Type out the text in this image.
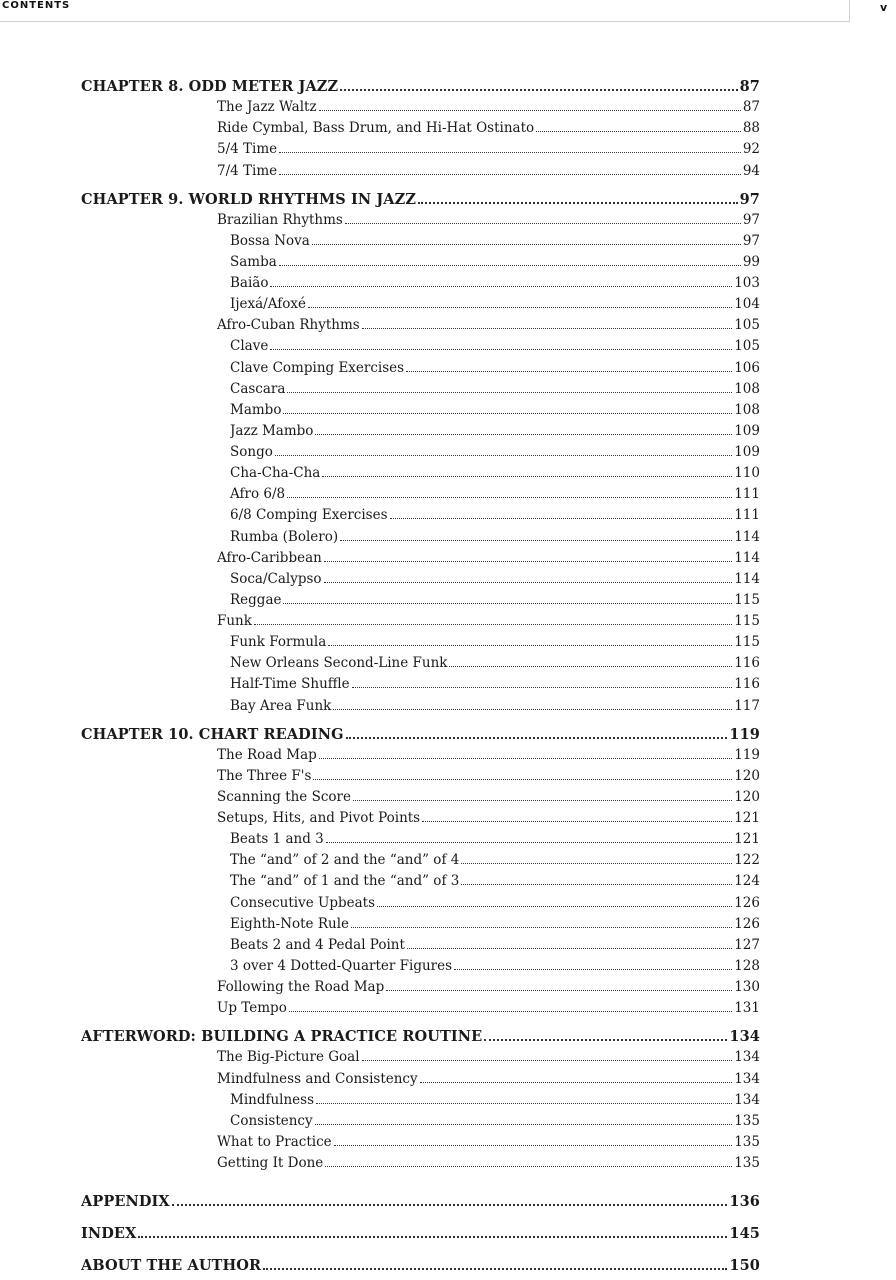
CONTENTS	v
CHAPTER 8. ODD METER JAZZ	87
The Jazz Waltz	87
Ride Cymbal, Bass Drum, and Hi-Hat Ostinato	88
5/4 Time	92
7/4 Time	94
CHAPTER 9. WORLD RHYTHMS IN JAZZ	97
Brazilian Rhythms	97
Bossa Nova	97
Samba	99
Baião	103
Ijexá/Afoxé	104
Afro-Cuban Rhythms	105
Clave	105
Clave Comping Exercises	106
Cascara	108
Mambo	108
Jazz Mambo	109
Songo	109
Cha-Cha-Cha	110
Afro 6/8	111
6/8 Comping Exercises	111
Rumba (Bolero)	114
Afro-Caribbean	114
Soca/Calypso	114
Reggae	115
Funk	115
Funk Formula	115
New Orleans Second-Line Funk	116
Half-Time Shuffle	116
Bay Area Funk	117
CHAPTER 10. CHART READING	119
The Road Map	119
The Three F's	120
Scanning the Score	120
Setups, Hits, and Pivot Points	121
Beats 1 and 3	121
The “and” of 2 and the “and” of 4	122
The “and” of 1 and the “and” of 3	124
Consecutive Upbeats	126
Eighth-Note Rule	126
Beats 2 and 4 Pedal Point	127
3 over 4 Dotted-Quarter Figures	128
Following the Road Map	130
Up Tempo	131
AFTERWORD: BUILDING A PRACTICE ROUTINE	134
The Big-Picture Goal	134
Mindfulness and Consistency	134
Mindfulness	134
Consistency	135
What to Practice	135
Getting It Done	135
APPENDIX	136
INDEX	145
ABOUT THE AUTHOR	150
